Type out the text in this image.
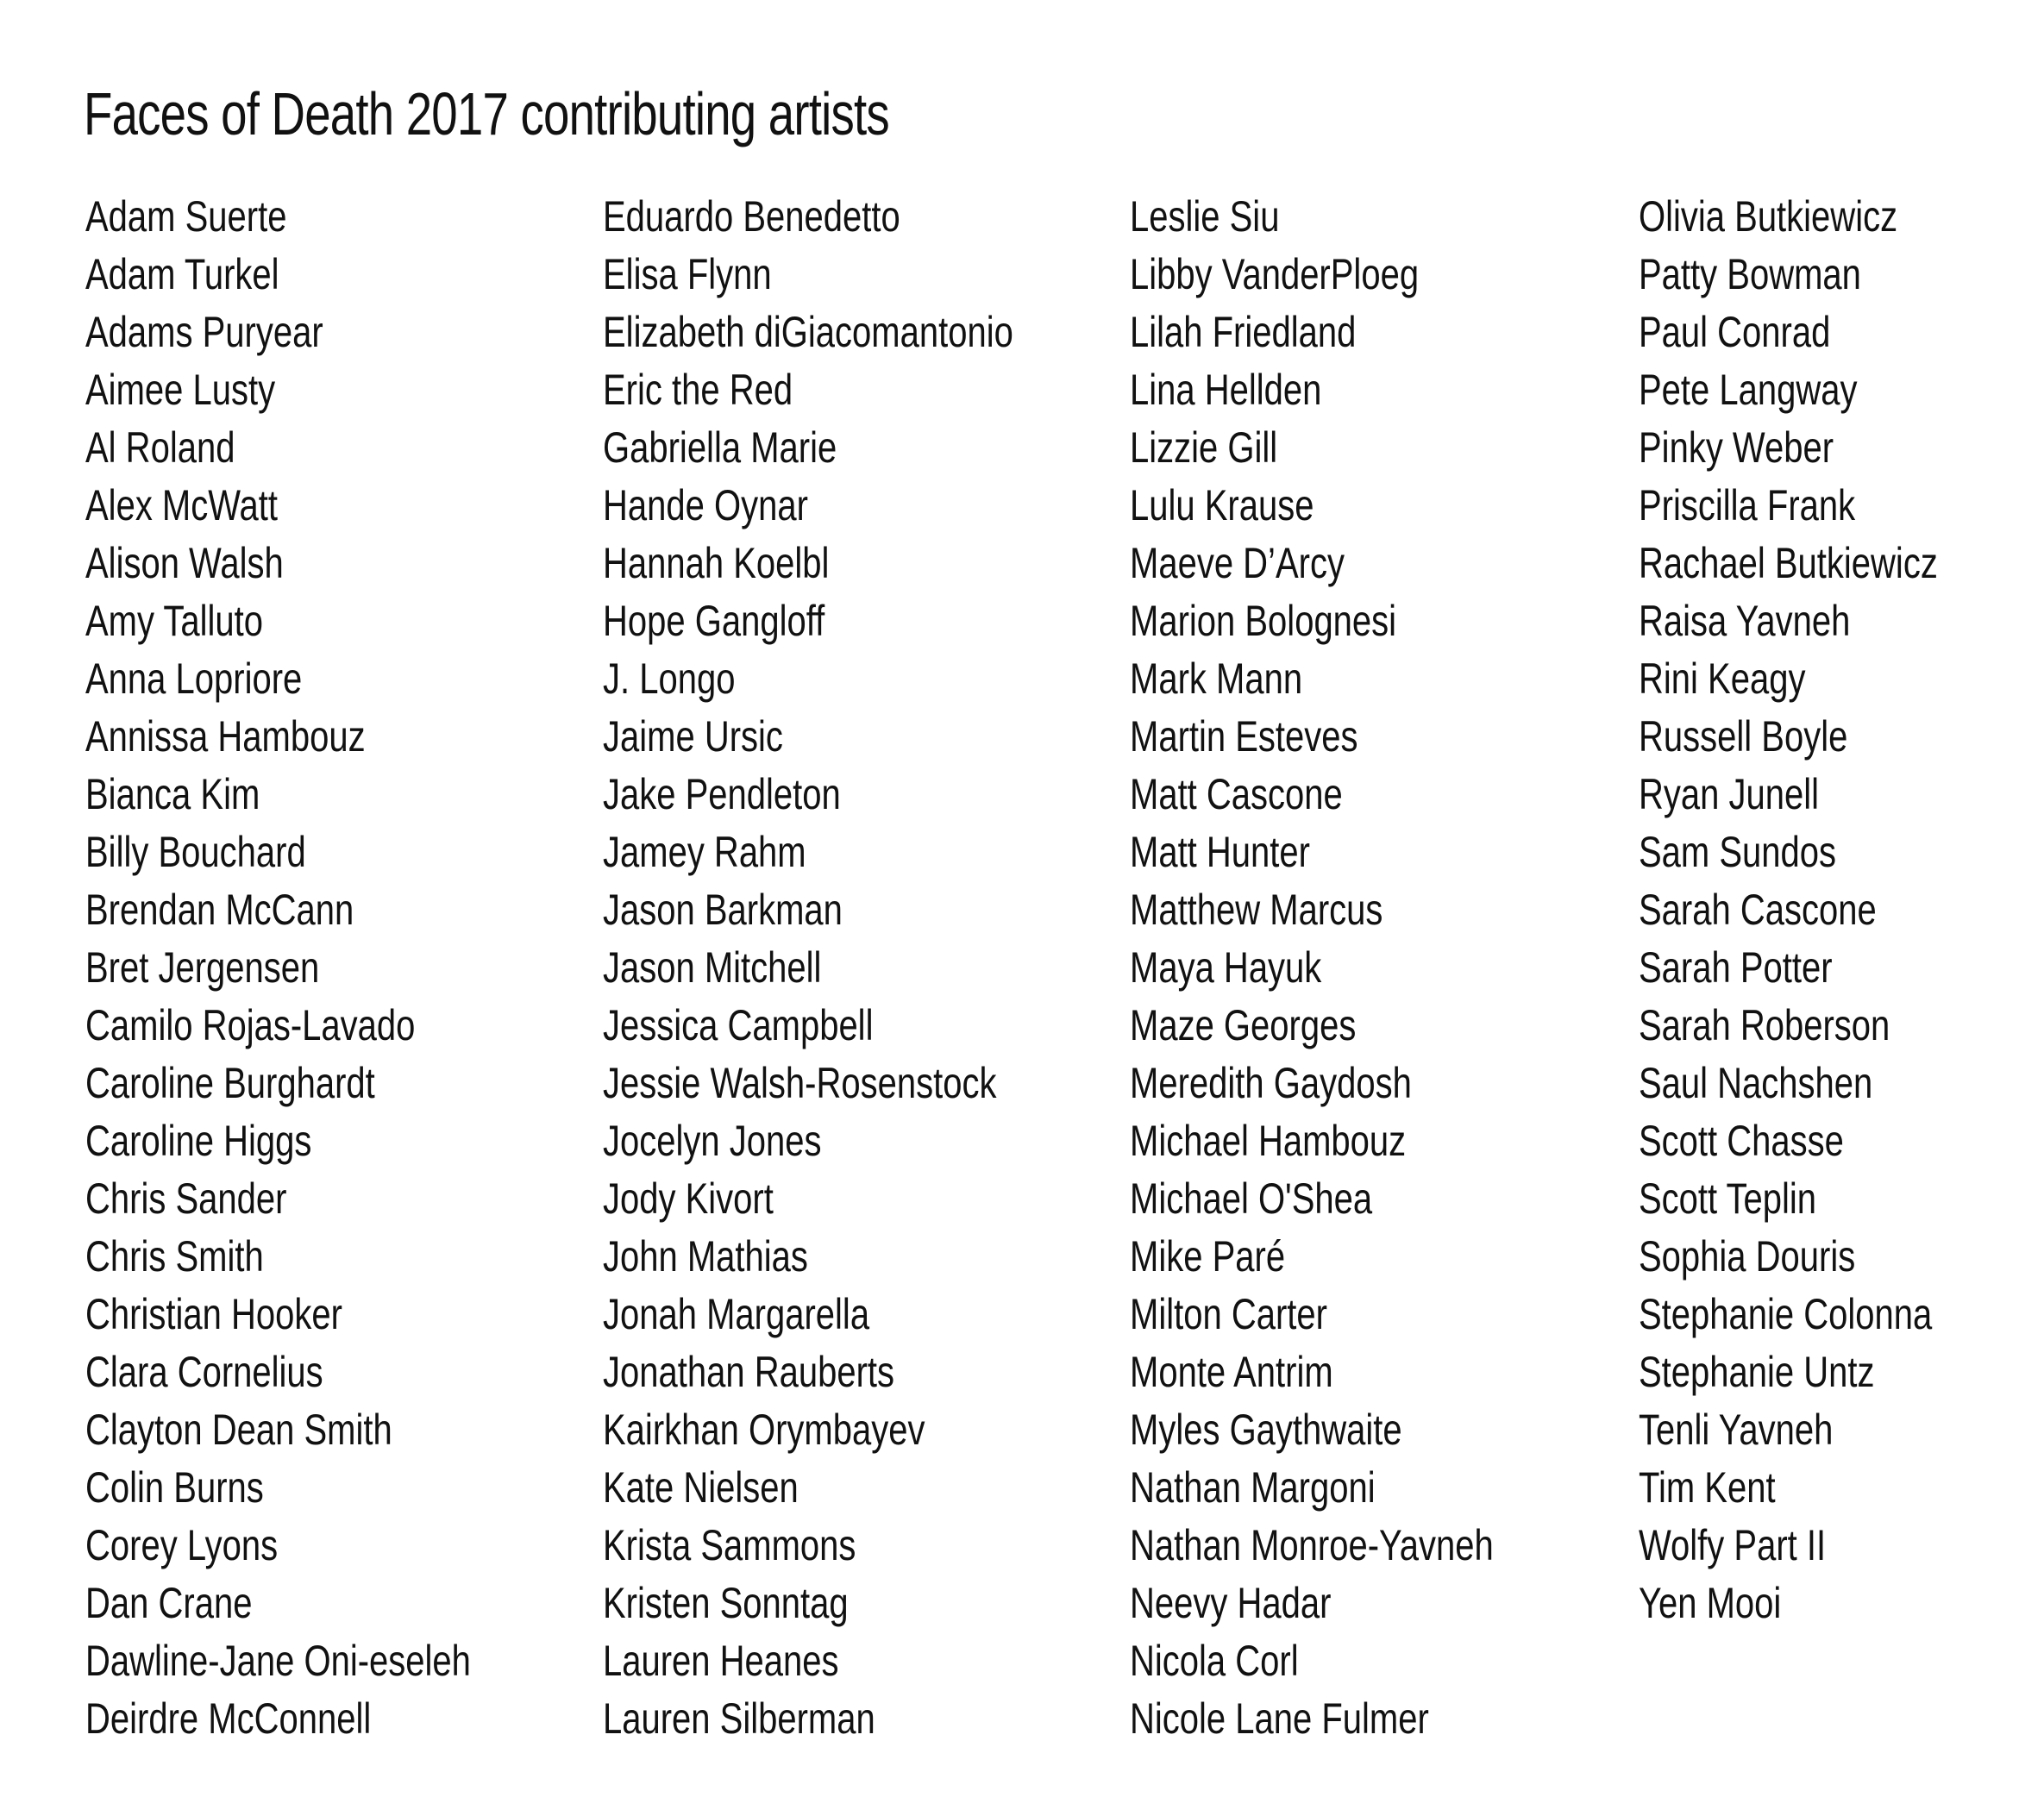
Faces of Death 2017 contributing artists
Adam Suerte
Adam Turkel
Adams Puryear
Aimee Lusty
Al Roland
Alex McWatt
Alison Walsh
Amy Talluto
Anna Lopriore
Annissa Hambouz
Bianca Kim
Billy Bouchard
Brendan McCann
Bret Jergensen
Camilo Rojas-Lavado
Caroline Burghardt
Caroline Higgs
Chris Sander
Chris Smith
Christian Hooker
Clara Cornelius
Clayton Dean Smith
Colin Burns
Corey Lyons
Dan Crane
Dawline-Jane Oni-eseleh
Deirdre McConnell
Eduardo Benedetto
Elisa Flynn
Elizabeth diGiacomantonio
Eric the Red
Gabriella Marie
Hande Oynar
Hannah Koelbl
Hope Gangloff
J. Longo
Jaime Ursic
Jake Pendleton
Jamey Rahm
Jason Barkman
Jason Mitchell
Jessica Campbell
Jessie Walsh-Rosenstock
Jocelyn Jones
Jody Kivort
John Mathias
Jonah Margarella
Jonathan Rauberts
Kairkhan Orymbayev
Kate Nielsen
Krista Sammons
Kristen Sonntag
Lauren Heanes
Lauren Silberman
Leslie Siu
Libby VanderPloeg
Lilah Friedland
Lina Hellden
Lizzie Gill
Lulu Krause
Maeve D’Arcy
Marion Bolognesi
Mark Mann
Martin Esteves
Matt Cascone
Matt Hunter
Matthew Marcus
Maya Hayuk
Maze Georges
Meredith Gaydosh
Michael Hambouz
Michael O'Shea
Mike Paré
Milton Carter
Monte Antrim
Myles Gaythwaite
Nathan Margoni
Nathan Monroe-Yavneh
Neevy Hadar
Nicola Corl
Nicole Lane Fulmer
Olivia Butkiewicz
Patty Bowman
Paul Conrad
Pete Langway
Pinky Weber
Priscilla Frank
Rachael Butkiewicz
Raisa Yavneh
Rini Keagy
Russell Boyle
Ryan Junell
Sam Sundos
Sarah Cascone
Sarah Potter
Sarah Roberson
Saul Nachshen
Scott Chasse
Scott Teplin
Sophia Douris
Stephanie Colonna
Stephanie Untz
Tenli Yavneh
Tim Kent
Wolfy Part II
Yen Mooi
